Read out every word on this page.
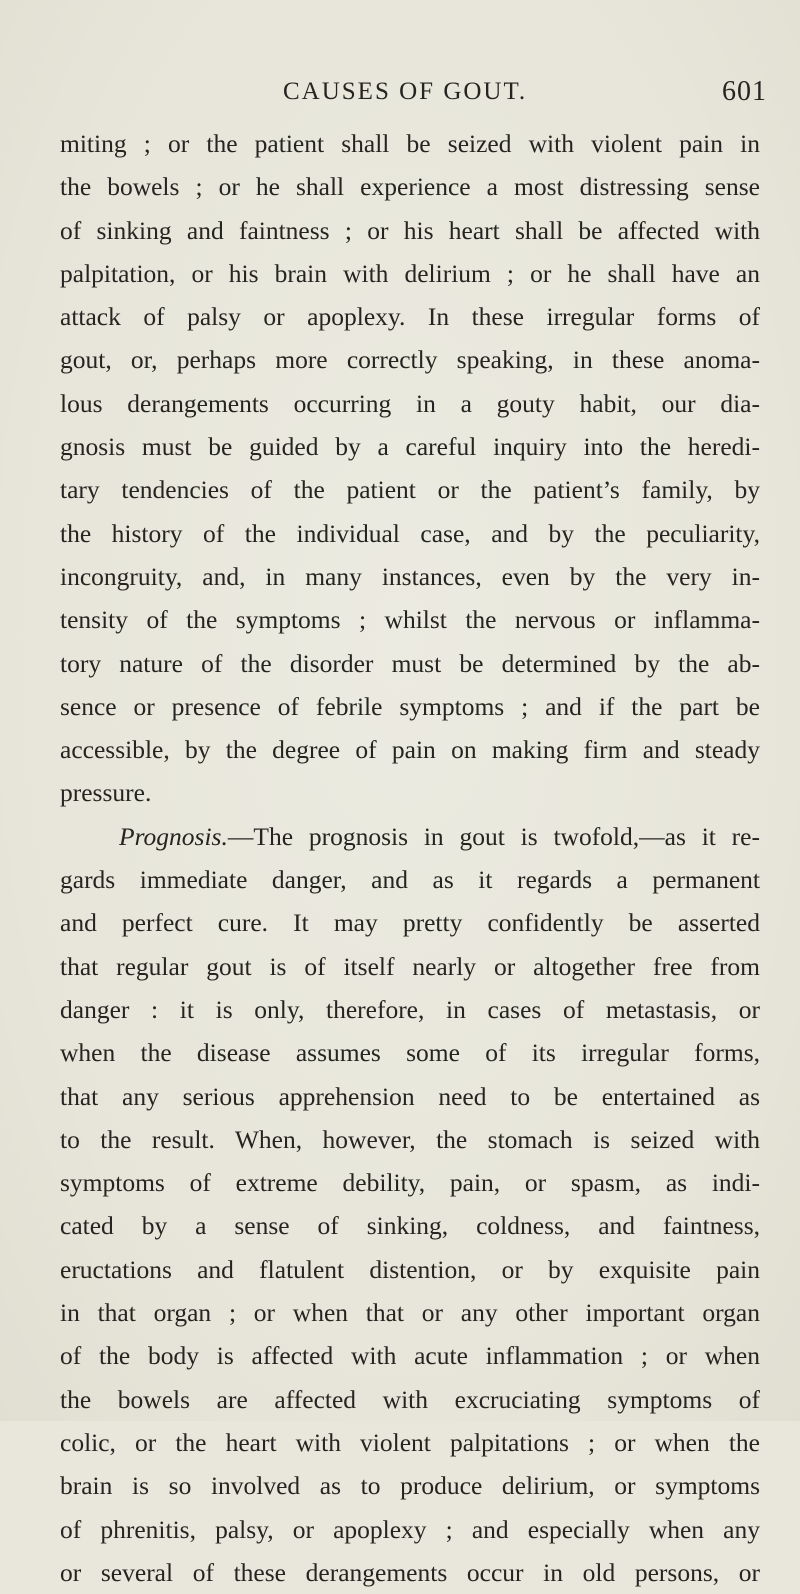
CAUSES OF GOUT.	601
miting ; or the patient shall be seized with violent pain in
the bowels ; or he shall experience a most distressing sense
of sinking and faintness ; or his heart shall be affected with
palpitation, or his brain with delirium ; or he shall have an
attack of palsy or apoplexy. In these irregular forms of
gout, or, perhaps more correctly speaking, in these anoma-
lous derangements occurring in a gouty habit, our dia-
gnosis must be guided by a careful inquiry into the heredi-
tary tendencies of the patient or the patient’s family, by
the history of the individual case, and by the peculiarity,
incongruity, and, in many instances, even by the very in-
tensity of the symptoms ; whilst the nervous or inflamma-
tory nature of the disorder must be determined by the ab-
sence or presence of febrile symptoms ; and if the part be
accessible, by the degree of pain on making firm and steady
pressure.
Prognosis.—The prognosis in gout is twofold,—as it re-
gards immediate danger, and as it regards a permanent
and perfect cure. It may pretty confidently be asserted
that regular gout is of itself nearly or altogether free from
danger : it is only, therefore, in cases of metastasis, or
when the disease assumes some of its irregular forms,
that any serious apprehension need to be entertained as
to the result. When, however, the stomach is seized with
symptoms of extreme debility, pain, or spasm, as indi-
cated by a sense of sinking, coldness, and faintness,
eructations and flatulent distention, or by exquisite pain
in that organ ; or when that or any other important organ
of the body is affected with acute inflammation ; or when
the bowels are affected with excruciating symptoms of
colic, or the heart with violent palpitations ; or when the
brain is so involved as to produce delirium, or symptoms
of phrenitis, palsy, or apoplexy ; and especially when any
or several of these derangements occur in old persons, or
